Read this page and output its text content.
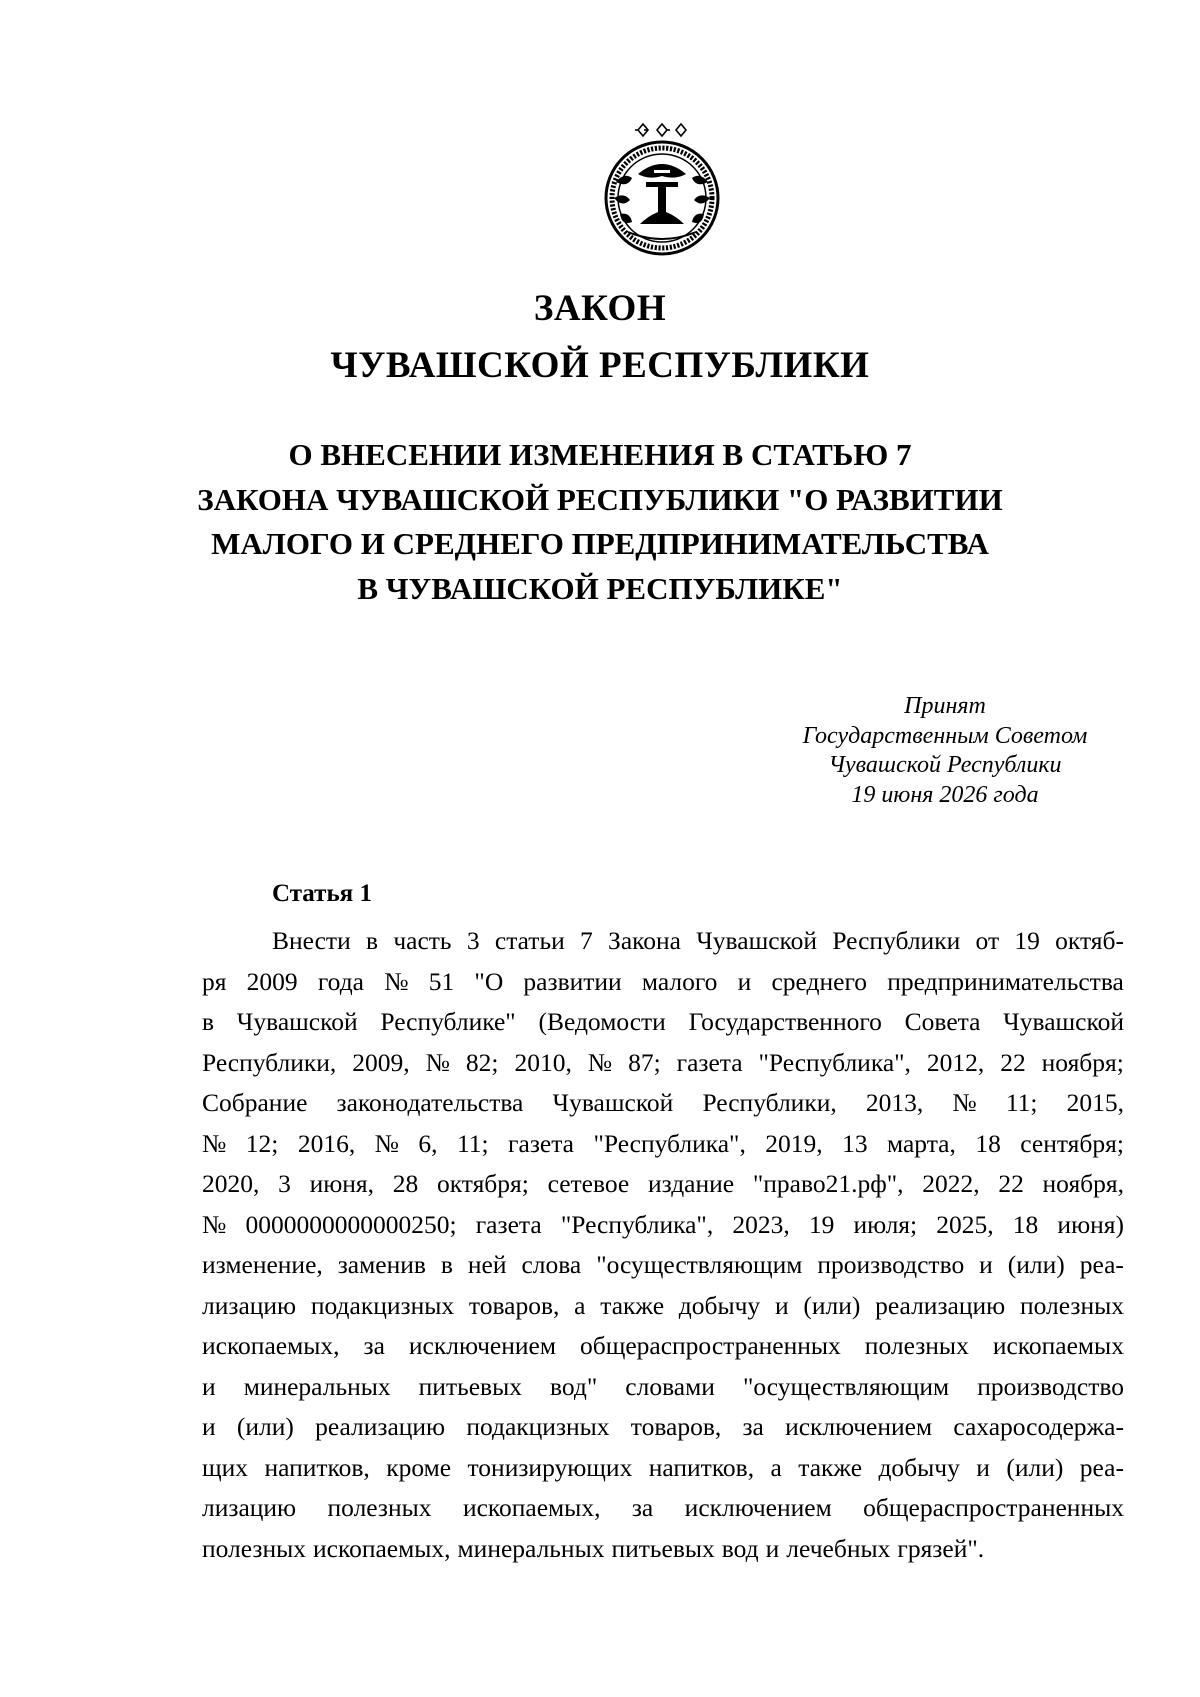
ЗАКОН
ЧУВАШСКОЙ РЕСПУБЛИКИ
О ВНЕСЕНИИ ИЗМЕНЕНИЯ В СТАТЬЮ 7
ЗАКОНА ЧУВАШСКОЙ РЕСПУБЛИКИ "О РАЗВИТИИ
МАЛОГО И СРЕДНЕГО ПРЕДПРИНИМАТЕЛЬСТВА
В ЧУВАШСКОЙ РЕСПУБЛИКЕ"
Принят
Государственным Советом
Чувашской Республики
19 июня 2026 года
Статья 1
Внести в часть 3 статьи 7 Закона Чувашской Республики от 19 октяб-
ря 2009 года № 51 "О развитии малого и среднего предпринимательства
в Чувашской Республике" (Ведомости Государственного Совета Чувашской
Республики, 2009, № 82; 2010, № 87; газета "Республика", 2012, 22 ноября;
Собрание законодательства Чувашской Республики, 2013, № 11; 2015,
№ 12; 2016, № 6, 11; газета "Республика", 2019, 13 марта, 18 сентября;
2020, 3 июня, 28 октября; сетевое издание "право21.рф", 2022, 22 ноября,
№ 0000000000000250; газета "Республика", 2023, 19 июля; 2025, 18 июня)
изменение, заменив в ней слова "осуществляющим производство и (или) реа-
лизацию подакцизных товаров, а также добычу и (или) реализацию полезных
ископаемых, за исключением общераспространенных полезных ископаемых
и минеральных питьевых вод" словами "осуществляющим производство
и (или) реализацию подакцизных товаров, за исключением сахаросодержа-
щих напитков, кроме тонизирующих напитков, а также добычу и (или) реа-
лизацию полезных ископаемых, за исключением общераспространенных
полезных ископаемых, минеральных питьевых вод и лечебных грязей".
